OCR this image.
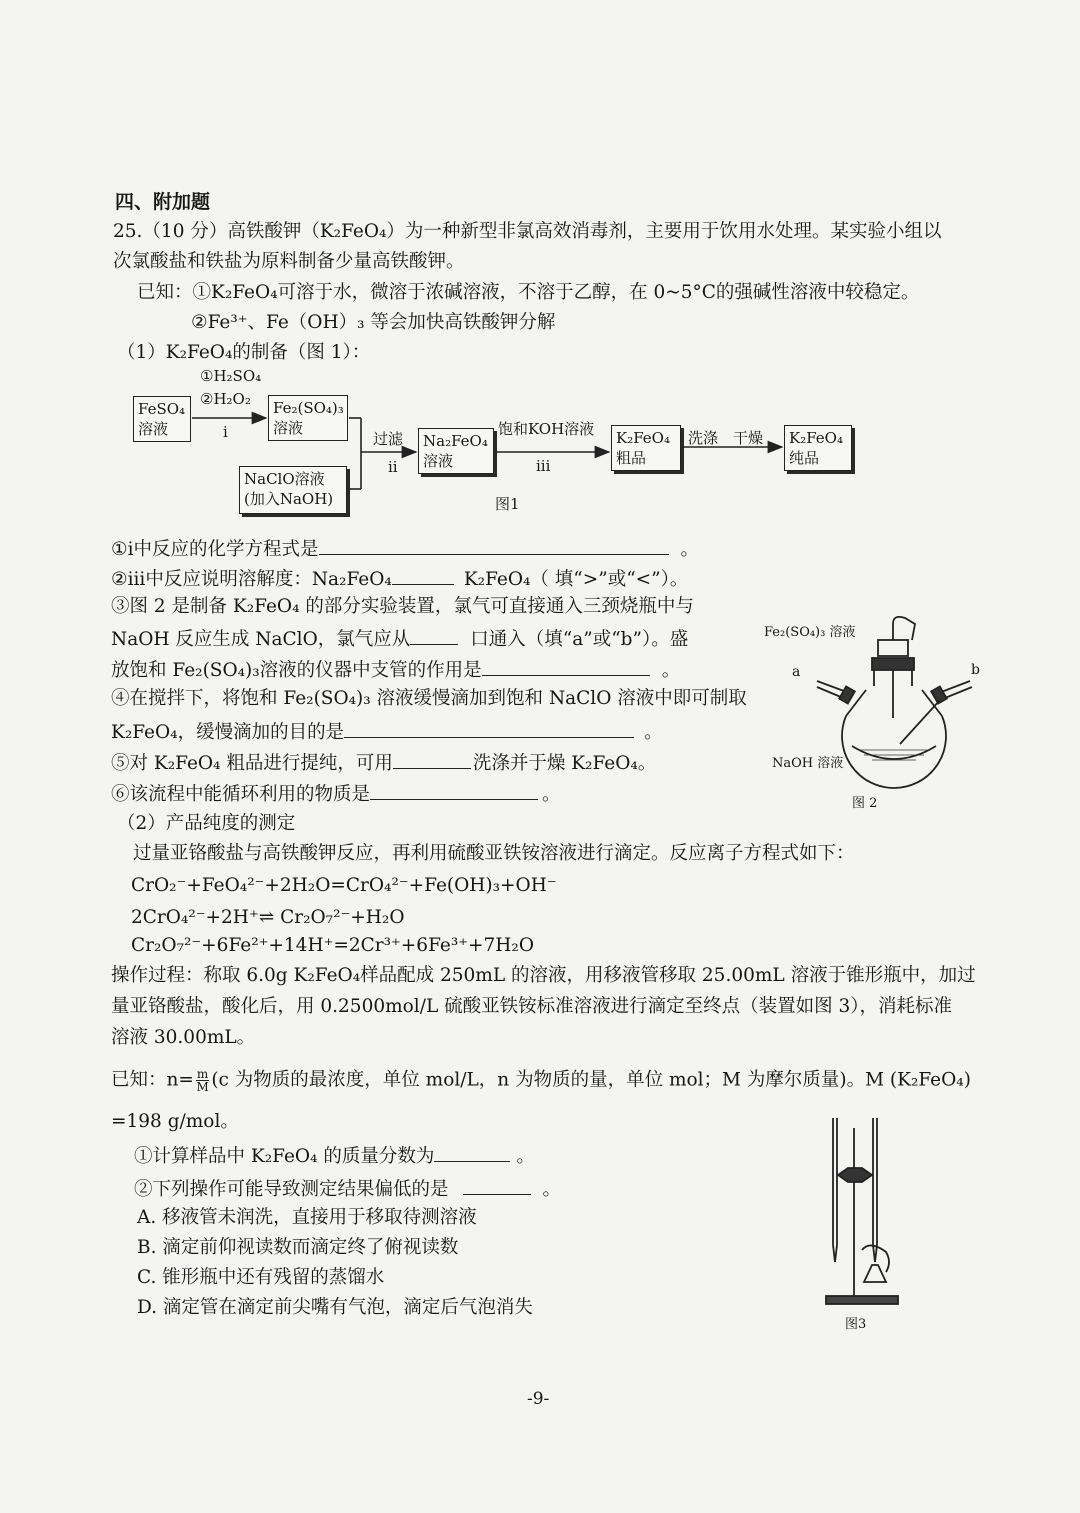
四、附加题
25.（10 分）高铁酸钾（K₂FeO₄）为一种新型非氯高效消毒剂，主要用于饮用水处理。某实验小组以
次氯酸盐和铁盐为原料制备少量高铁酸钾。
已知：①K₂FeO₄可溶于水，微溶于浓碱溶液，不溶于乙醇，在 0~5°C的强碱性溶液中较稳定。
②Fe³⁺、Fe（OH）₃ 等会加快高铁酸钾分解
（1）K₂FeO₄的制备（图 1）：
①H₂SO₄
②H₂O₂
FeSO₄ 溶液	i
Fe₂(SO₄)₃ 溶液
NaClO溶液 (加入NaOH)
过滤
ii
Na₂FeO₄ 溶液
饱和KOH溶液
iii
K₂FeO₄ 粗品
洗涤 干燥	K₂FeO₄ 纯品
图1
①i中反应的化学方程式是	。
②iii中反应说明溶解度：Na₂FeO₄	K₂FeO₄（ 填“>”或“<”）。
③图 2 是制备 K₂FeO₄ 的部分实验装置，氯气可直接通入三颈烧瓶中与
NaOH 反应生成 NaClO，氯气应从	口通入（填“a”或“b”）。盛
放饱和 Fe₂(SO₄)₃溶液的仪器中支管的作用是	。
④在搅拌下，将饱和 Fe₂(SO₄)₃ 溶液缓慢滴加到饱和 NaClO 溶液中即可制取
K₂FeO₄，缓慢滴加的目的是	。
⑤对 K₂FeO₄ 粗品进行提纯，可用	洗涤并于燥 K₂FeO₄。
⑥该流程中能循环利用的物质是	。
Fe₂(SO₄)₃ 溶液
a	b
NaOH 溶液
图 2
（2）产品纯度的测定
过量亚铬酸盐与高铁酸钾反应，再利用硫酸亚铁铵溶液进行滴定。反应离子方程式如下：
CrO₂⁻+FeO₄²⁻+2H₂O=CrO₄²⁻+Fe(OH)₃+OH⁻
2CrO₄²⁻+2H⁺⇌ Cr₂O₇²⁻+H₂O
Cr₂O₇²⁻+6Fe²⁺+14H⁺=2Cr³⁺+6Fe³⁺+7H₂O
操作过程：称取 6.0g K₂FeO₄样品配成 250mL 的溶液，用移液管移取 25.00mL 溶液于锥形瓶中，加过
量亚铬酸盐，酸化后，用 0.2500mol/L 硫酸亚铁铵标准溶液进行滴定至终点（装置如图 3），消耗标准
溶液 30.00mL。
已知：$n= \frac{m}{M} (c$ 为物质的最浓度，单位 mol/L，n 为物质的量，单位 mol；M 为摩尔质量)。M (K₂FeO₄)
=198 g/mol。
①计算样品中 K₂FeO₄ 的质量分数为	。
②下列操作可能导致测定结果偏低的是	。
A. 移液管未润洗，直接用于移取待测溶液
B. 滴定前仰视读数而滴定终了俯视读数
C. 锥形瓶中还有残留的蒸馏水
D. 滴定管在滴定前尖嘴有气泡，滴定后气泡消失
图3
-9-
